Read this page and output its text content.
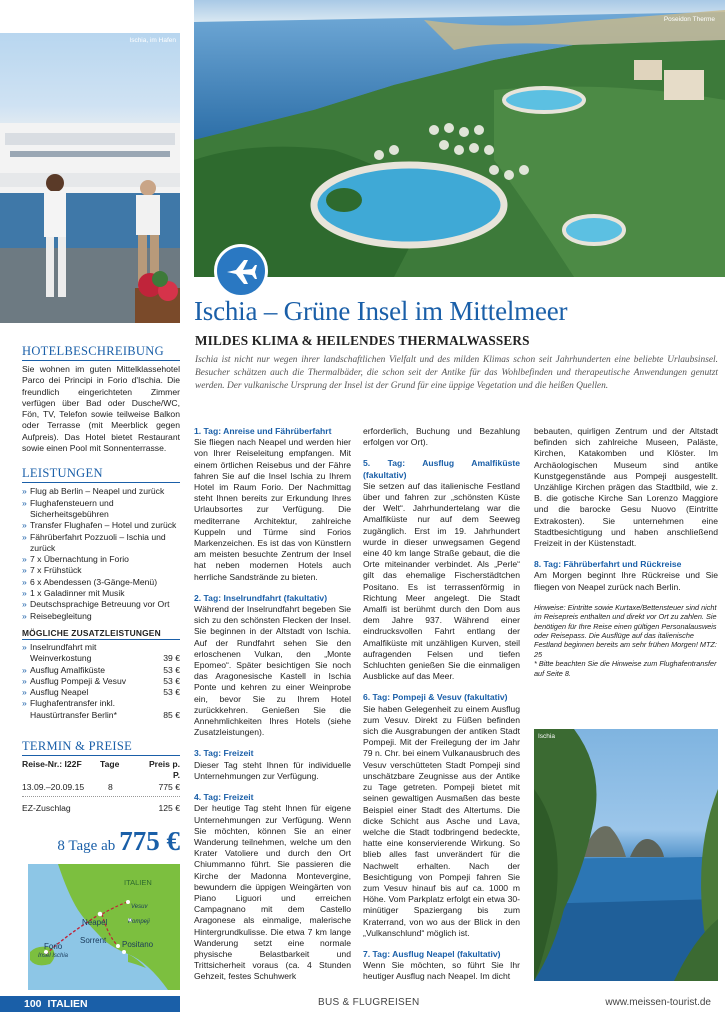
Ischia, im Hafen
Poseidon Therme
Ischia – Grüne Insel im Mittelmeer
MILDES KLIMA & HEILENDES THERMALWASSERS
Ischia ist nicht nur wegen ihrer landschaftlichen Vielfalt und des milden Klimas schon seit Jahrhunderten eine beliebte Urlaubsinsel. Besucher schätzen auch die Thermalbäder, die schon seit der Antike für das Wohlbefinden und therapeutische Anwendungen genutzt werden. Der vulkanische Ursprung der Insel ist der Grund für eine üppige Vegetation und die heißen Quellen.
HOTELBESCHREIBUNG
Sie wohnen im guten Mittelklassehotel Parco dei Principi in Forio d'Ischia. Die freundlich eingerichteten Zimmer verfügen über Bad oder Dusche/WC, Fön, TV, Telefon sowie teilweise Balkon oder Terrasse (mit Meerblick gegen Aufpreis). Das Hotel bietet Restaurant sowie einen Pool mit Sonnenterrasse.
LEISTUNGEN
» Flug ab Berlin – Neapel und zurück
» Flughafensteuern und Sicherheitsgebühren
» Transfer Flughafen – Hotel und zurück
» Fährüberfahrt Pozzuoli – Ischia und zurück
» 7 x Übernachtung in Forio
» 7 x Frühstück
» 6 x Abendessen (3-Gänge-Menü)
» 1 x Galadinner mit Musik
» Deutschsprachige Betreuung vor Ort
» Reisebegleitung
MÖGLICHE ZUSATZLEISTUNGEN
» Inselrundfahrt mit
Weinverkostung	39 €
» Ausflug Amalfiküste	53 €
» Ausflug Pompeji & Vesuv	53 €
» Ausflug Neapel	53 €
» Flughafentransfer inkl.
Haustürtransfer Berlin*	85 €
TERMIN & PREISE
Reise-Nr.: I22F	Tage	Preis p. P.
13.09.–20.09.15	8	775 €
EZ-Zuschlag	125 €
8 Tage ab 775 €
ITALIEN
Neapel
Vesuv
Pompeji
Sorrent Positano
Forio
Insel Ischia
1. Tag: Anreise und Fährüberfahrt

Sie fliegen nach Neapel und werden hier von Ihrer Reiseleitung empfangen. Mit einem örtlichen Reisebus und der Fähre fahren Sie auf die Insel Ischia zu Ihrem Hotel im Raum Forio. Der Nachmittag steht Ihnen bereits zur Erkundung Ihres Urlaubsortes zur Verfügung. Die mediterrane Architektur, zahlreiche Kuppeln und Türme sind Forios Markenzeichen. Es ist das von Künstlern am meisten besuchte Zentrum der Insel hat neben modernen Hotels auch herrliche Sandstrände zu bieten.

2. Tag: Inselrundfahrt (fakultativ)

Während der Inselrundfahrt begeben Sie sich zu den schönsten Flecken der Insel. Sie beginnen in der Altstadt von Ischia. Auf der Rundfahrt sehen Sie den erloschenen Vulkan, den „Monte Epomeo“. Später besichtigen Sie noch das Aragonesische Kastell in Ischia Ponte und kehren zu einer Weinprobe ein, bevor Sie zu Ihrem Hotel zurückkehren. Genießen Sie die Annehmlichkeiten Ihres Hotels (siehe Zusatzleistungen).

3. Tag: Freizeit

Dieser Tag steht Ihnen für individuelle Unternehmungen zur Verfügung.

4. Tag: Freizeit

Der heutige Tag steht Ihnen für eigene Unternehmungen zur Verfügung. Wenn Sie möchten, können Sie an einer Wanderung teilnehmen, welche um den Krater Vatoliere und durch den Ort Chiummanno führt. Sie passieren die Kirche der Madonna Montevergine, bewundern die üppigen Weingärten von Piano Liguori und erreichen Campagnano mit dem Castello Aragonese als einmalige, malerische Hintergrundkulisse. Die etwa 7 km lange Wanderung setzt eine normale physische Belastbarkeit und Trittsicherheit voraus (ca. 4 Stunden Gehzeit, festes Schuhwerk

erforderlich, Buchung und Bezahlung erfolgen vor Ort).

5. Tag: Ausflug Amalfiküste (fakultativ)

Sie setzen auf das italienische Festland über und fahren zur „schönsten Küste der Welt“. Jahrhundertelang war die Amalfiküste nur auf dem Seeweg zugänglich. Erst im 19. Jahrhundert wurde in dieser unwegsamen Gegend eine 40 km lange Straße gebaut, die die Orte miteinander verbindet. Als „Perle“ gilt das ehemalige Fischerstädtchen Positano. Es ist terrassenförmig in Richtung Meer angelegt. Die Stadt Amalfi ist berühmt durch den Dom aus dem Jahre 937. Während einer eindrucksvollen Fahrt entlang der Amalfiküste mit unzähligen Kurven, steil aufragenden Felsen und tiefen Schluchten genießen Sie die einmaligen Ausblicke auf das Meer.

6. Tag: Pompeji & Vesuv (fakultativ)

Sie haben Gelegenheit zu einem Ausflug zum Vesuv. Direkt zu Füßen befinden sich die Ausgrabungen der antiken Stadt Pompeji. Mit der Freilegung der im Jahr 79 n. Chr. bei einem Vulkanausbruch des Vesuv verschütteten Stadt Pompeji sind unschätzbare Zeugnisse aus der Antike zu Tage getreten. Pompeji bietet mit seinen gewaltigen Ausmaßen das beste Beispiel einer Stadt des Altertums. Die dicke Schicht aus Asche und Lava, welche die Stadt todbringend bedeckte, hatte eine konservierende Wirkung. So blieb alles fast unverändert für die Nachwelt erhalten. Nach der Besichtigung von Pompeji fahren Sie zum Vesuv hinauf bis auf ca. 1000 m Höhe. Vom Parkplatz erfolgt ein etwa 30-minütiger Spaziergang bis zum Kraterrand, von wo aus der Blick in den „Vulkanschlund“ möglich ist.

7. Tag: Ausflug Neapel (fakultativ)

Wenn Sie möchten, so führt Sie Ihr heutiger Ausflug nach Neapel. Im dicht

bebauten, quirligen Zentrum und der Altstadt befinden sich zahlreiche Museen, Paläste, Kirchen, Katakomben und Klöster. Im Archäologischen Museum sind antike Kunstgegenstände aus Pompeji ausgestellt. Unzählige Kirchen prägen das Stadtbild, wie z. B. die gotische Kirche San Lorenzo Maggiore und die barocke Gesu Nuovo (Eintritte Extrakosten). Sie unternehmen eine Stadtbesichtigung und haben anschließend Freizeit in der Küstenstadt.

8. Tag: Fährüberfahrt und Rückreise

Am Morgen beginnt Ihre Rückreise und Sie fliegen von Neapel zurück nach Berlin.

Hinweise: Eintritte sowie Kurtaxe/Bettensteuer sind nicht im Reisepreis enthalten und direkt vor Ort zu zahlen. Sie benötigen für Ihre Reise einen gültigen Personalausweis oder Reisepass. Die Ausflüge auf das italienische Festland beginnen bereits am sehr frühen Morgen! MTZ: 25

* Bitte beachten Sie die Hinweise zum Flughafentransfer auf Seite 8.

Ischia
100 ITALIEN	BUS & FLUGREISEN	www.meissen-tourist.de
